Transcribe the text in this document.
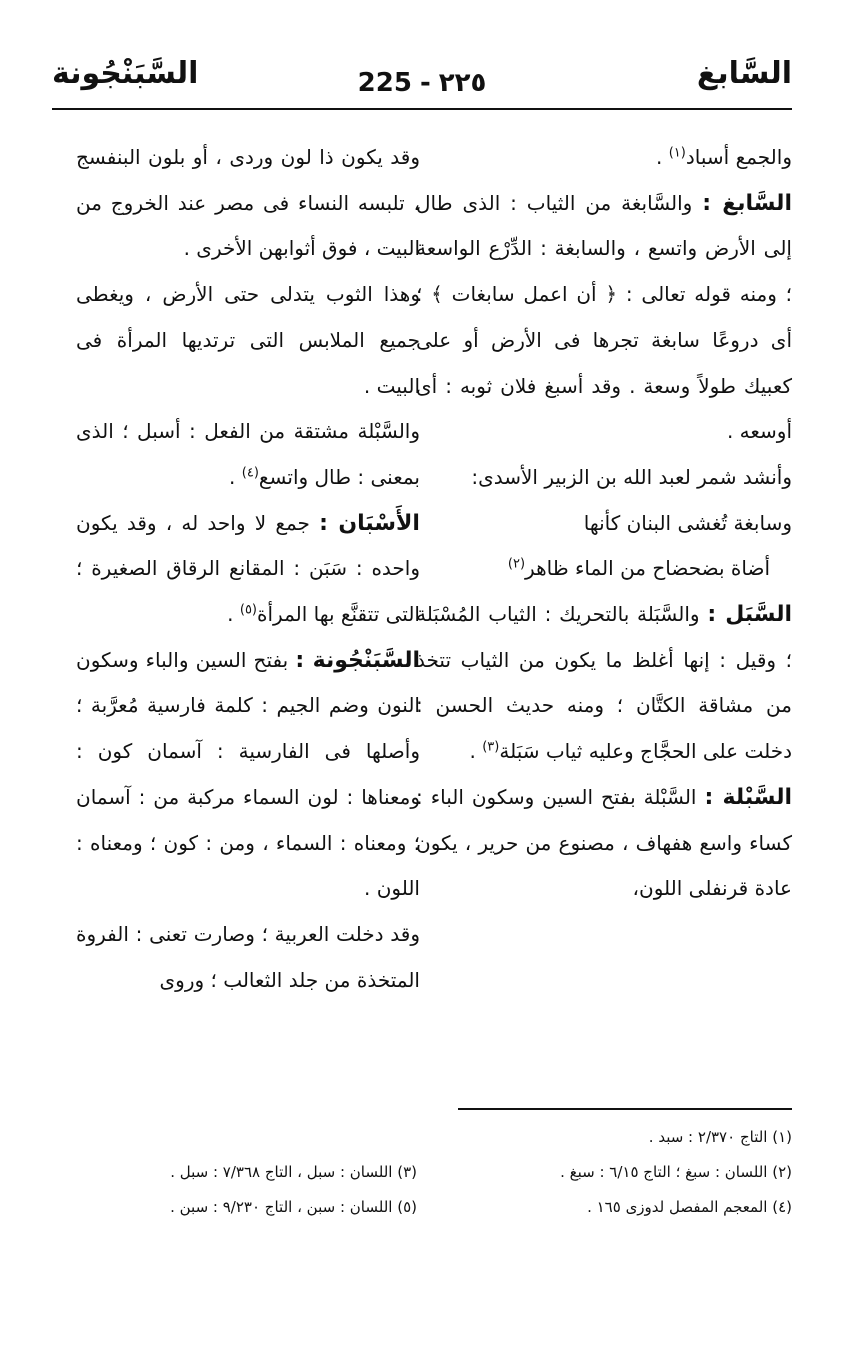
السَّابغ
225 - ٢٢٥
السَّبَنْجُونة

والجمع أسباد$^{(١)}$ .

السَّابغ : والسَّابغة من الثياب : الذى طال إلى الأرض واتسع ، والسابغة : الدِّرْع الواسعة ؛ ومنه قوله تعالى : ﴿ أن اعمل سابغات ﴾ ؛ أى دروعًا سابغة تجرها فى الأرض أو على كعبيك طولاً وسعة . وقد أسبغ فلان ثوبه : أى أوسعه .

وأنشد شمر لعبد الله بن الزبير الأسدى:

وسابغة تُغشى البنان كأنها

أضاة بضحضاح من الماء ظاهر$^{(٢)}$

السَّبَل : والسَّبَلة بالتحريك : الثياب المُسْبَلة ؛ وقيل : إنها أغلظ ما يكون من الثياب تتخذ من مشاقة الكتَّان ؛ ومنه حديث الحسن : دخلت على الحجَّاج وعليه ثياب سَبَلة$^{(٣)}$ .

السَّبْلة : السَّبْلة بفتح السين وسكون الباء : كساء واسع هفهاف ، مصنوع من حرير ، يكون عادة قرنفلى اللون،

وقد يكون ذا لون وردى ، أو بلون البنفسج ، تلبسه النساء فى مصر عند الخروج من البيت ، فوق أثوابهن الأخرى .

وهذا الثوب يتدلى حتى الأرض ، ويغطى جميع الملابس التى ترتديها المرأة فى البيت .

والسَّبْلة مشتقة من الفعل : أسبل ؛ الذى بمعنى : طال واتسع$^{(٤)}$ .

الأَسْبَان : جمع لا واحد له ، وقد يكون واحده : سَبَن : المقانع الرقاق الصغيرة ؛ التى تتقنَّع بها المرأة$^{(٥)}$ .

السَّبَنْجُونة : بفتح السين والباء وسكون النون وضم الجيم : كلمة فارسية مُعرَّبة ؛ وأصلها فى الفارسية : آسمان كون : ومعناها : لون السماء مركبة من : آسمان ؛ ومعناه : السماء ، ومن : كون ؛ ومعناه : اللون .

وقد دخلت العربية ؛ وصارت تعنى : الفروة المتخذة من جلد الثعالب ؛ وروى

(١) التاج ٢/٣٧٠ : سبد .
(٢) اللسان : سبغ ؛ التاج ٦/١٥ : سبغ .
(٣) اللسان : سبل ، التاج ٧/٣٦٨ : سبل .
(٤) المعجم المفصل لدوزى ١٦٥ .
(٥) اللسان : سبن ، التاج ٩/٢٣٠ : سبن .
